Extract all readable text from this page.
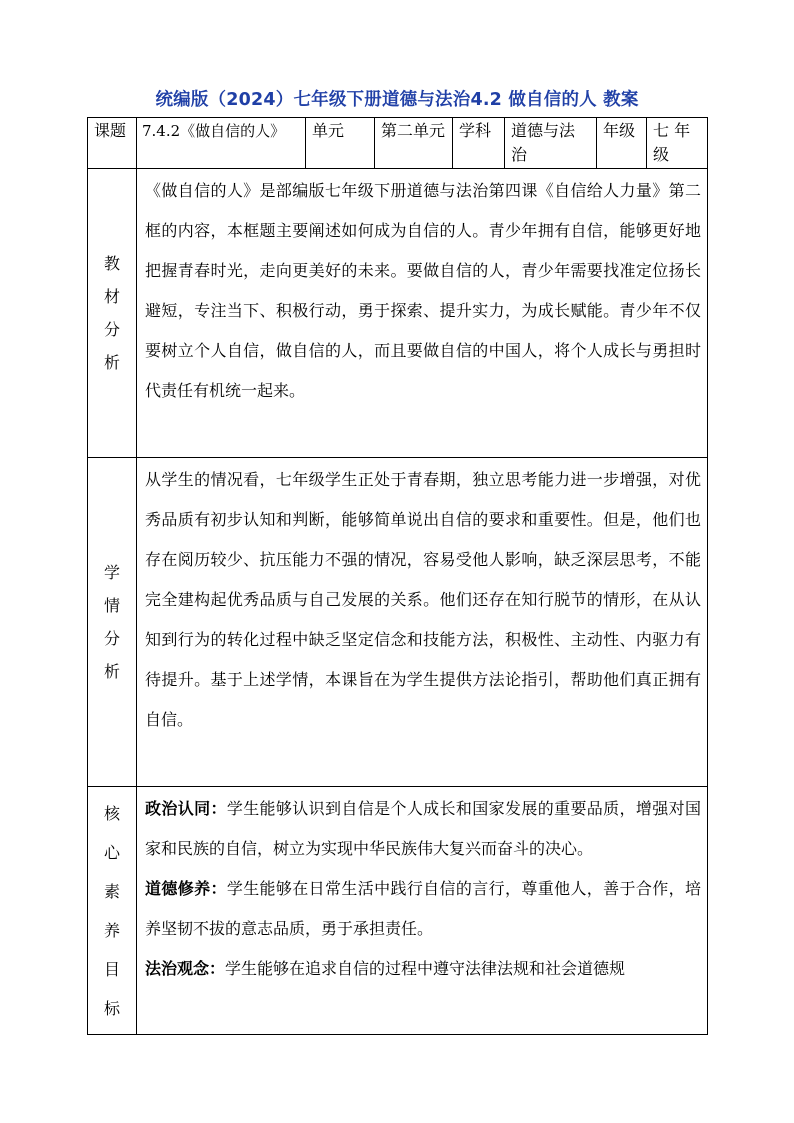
统编版（2024）七年级下册道德与法治4.2 做自信的人 教案
课题	7.4.2《做自信的人》	单元	第二单元	学科	道德与法治	年级	七 年级
教材分析	《做自信的人》是部编版七年级下册道德与法治第四课《自信给人力量》第二框的内容，本框题主要阐述如何成为自信的人。青少年拥有自信，能够更好地把握青春时光，走向更美好的未来。要做自信的人，青少年需要找准定位扬长避短，专注当下、积极行动，勇于探索、提升实力，为成长赋能。青少年不仅要树立个人自信，做自信的人，而且要做自信的中国人，将个人成长与勇担时代责任有机统一起来。						
学情分析	从学生的情况看，七年级学生正处于青春期，独立思考能力进一步增强，对优秀品质有初步认知和判断，能够简单说出自信的要求和重要性。但是，他们也存在阅历较少、抗压能力不强的情况，容易受他人影响，缺乏深层思考，不能完全建构起优秀品质与自己发展的关系。他们还存在知行脱节的情形，在从认知到行为的转化过程中缺乏坚定信念和技能方法，积极性、主动性、内驱力有待提升。基于上述学情，本课旨在为学生提供方法论指引，帮助他们真正拥有自信。						
核心素养目标	政治认同：学生能够认识到自信是个人成长和国家发展的重要品质，增强对国家和民族的自信，树立为实现中华民族伟大复兴而奋斗的决心。

道德修养：学生能够在日常生活中践行自信的言行，尊重他人，善于合作，培养坚韧不拔的意志品质，勇于承担责任。

法治观念：学生能够在追求自信的过程中遵守法律法规和社会道德规						
